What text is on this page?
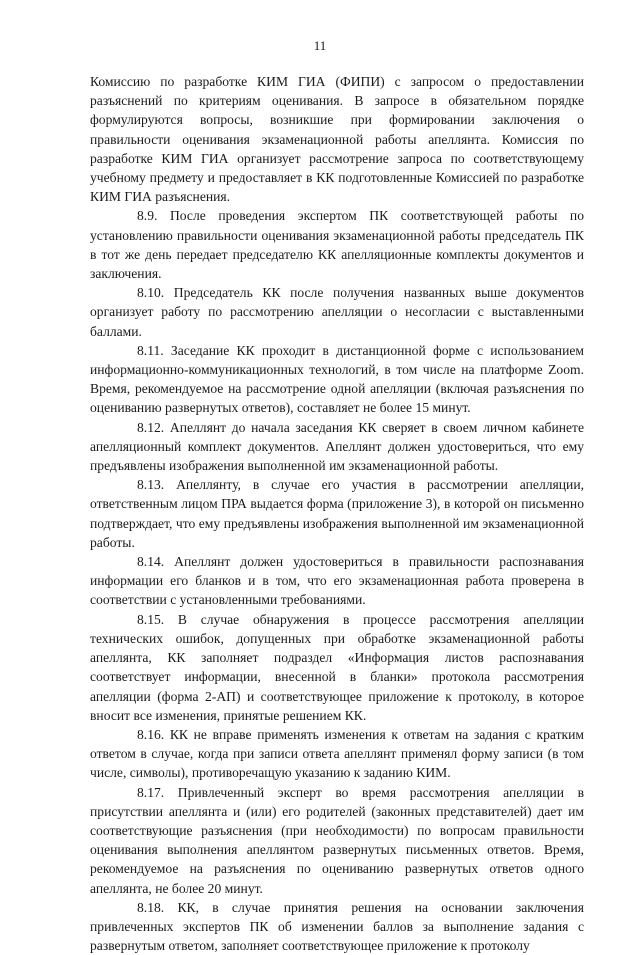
11

Комиссию по разработке КИМ ГИА (ФИПИ) с запросом о предоставлении разъяснений по критериям оценивания. В запросе в обязательном порядке формулируются вопросы, возникшие при формировании заключения о правильности оценивания экзаменационной работы апеллянта. Комиссия по разработке КИМ ГИА организует рассмотрение запроса по соответствующему учебному предмету и предоставляет в КК подготовленные Комиссией по разработке КИМ ГИА разъяснения.

8.9. После проведения экспертом ПК соответствующей работы по установлению правильности оценивания экзаменационной работы председатель ПК в тот же день передает председателю КК апелляционные комплекты документов и заключения.

8.10. Председатель КК после получения названных выше документов организует работу по рассмотрению апелляции о несогласии с выставленными баллами.

8.11. Заседание КК проходит в дистанционной форме с использованием информационно-коммуникационных технологий, в том числе на платформе Zoom. Время, рекомендуемое на рассмотрение одной апелляции (включая разъяснения по оцениванию развернутых ответов), составляет не более 15 минут.

8.12. Апеллянт до начала заседания КК сверяет в своем личном кабинете апелляционный комплект документов. Апеллянт должен удостовериться, что ему предъявлены изображения выполненной им экзаменационной работы.

8.13. Апеллянту, в случае его участия в рассмотрении апелляции, ответственным лицом ПРА выдается форма (приложение 3), в которой он письменно подтверждает, что ему предъявлены изображения выполненной им экзаменационной работы.

8.14. Апеллянт должен удостовериться в правильности распознавания информации его бланков и в том, что его экзаменационная работа проверена в соответствии с установленными требованиями.

8.15. В случае обнаружения в процессе рассмотрения апелляции технических ошибок, допущенных при обработке экзаменационной работы апеллянта, КК заполняет подраздел «Информация листов распознавания соответствует информации, внесенной в бланки» протокола рассмотрения апелляции (форма 2-АП) и соответствующее приложение к протоколу, в которое вносит все изменения, принятые решением КК.

8.16. КК не вправе применять изменения к ответам на задания с кратким ответом в случае, когда при записи ответа апеллянт применял форму записи (в том числе, символы), противоречащую указанию к заданию КИМ.

8.17. Привлеченный эксперт во время рассмотрения апелляции в присутствии апеллянта и (или) его родителей (законных представителей) дает им соответствующие разъяснения (при необходимости) по вопросам правильности оценивания выполнения апеллянтом развернутых письменных ответов. Время, рекомендуемое на разъяснения по оцениванию развернутых ответов одного апеллянта, не более 20 минут.

8.18. КК, в случае принятия решения на основании заключения привлеченных экспертов ПК об изменении баллов за выполнение задания с развернутым ответом, заполняет соответствующее приложение к протоколу
